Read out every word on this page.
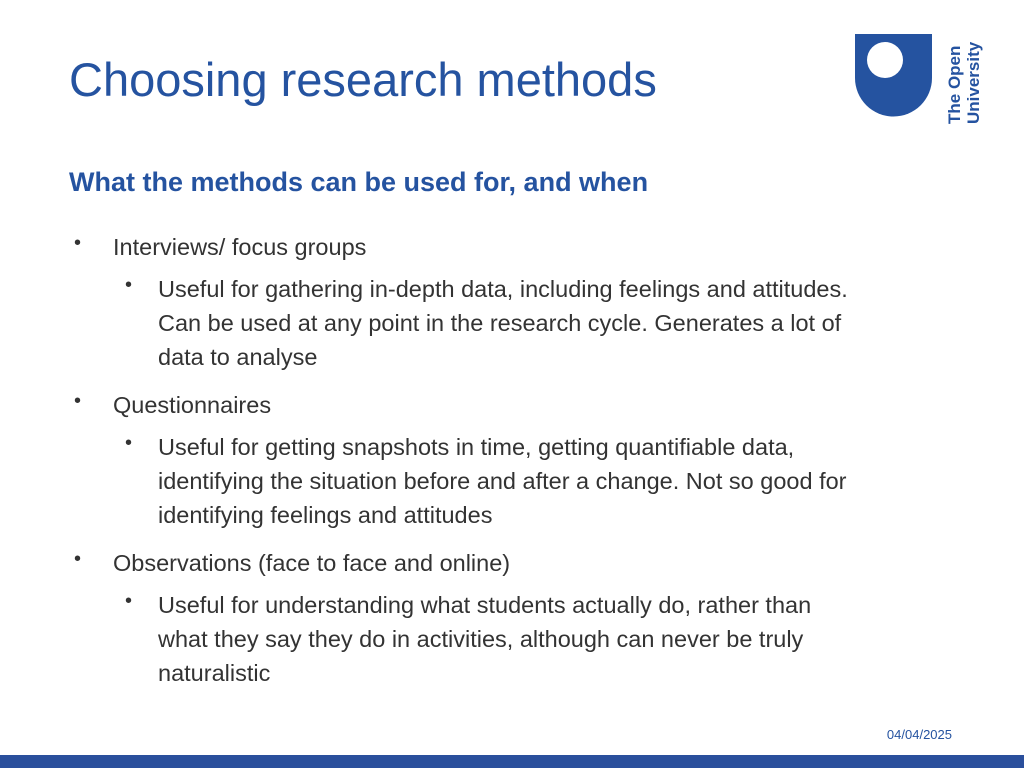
Choosing research methods	The Open University
What the methods can be used for, and when
• Interviews/ focus groups
• Useful for gathering in-depth data, including feelings and attitudes.
Can be used at any point in the research cycle. Generates a lot of
data to analyse
• Questionnaires
• Useful for getting snapshots in time, getting quantifiable data,
identifying the situation before and after a change. Not so good for
identifying feelings and attitudes
• Observations (face to face and online)
• Useful for understanding what students actually do, rather than
what they say they do in activities, although can never be truly
naturalistic
04/04/2025
